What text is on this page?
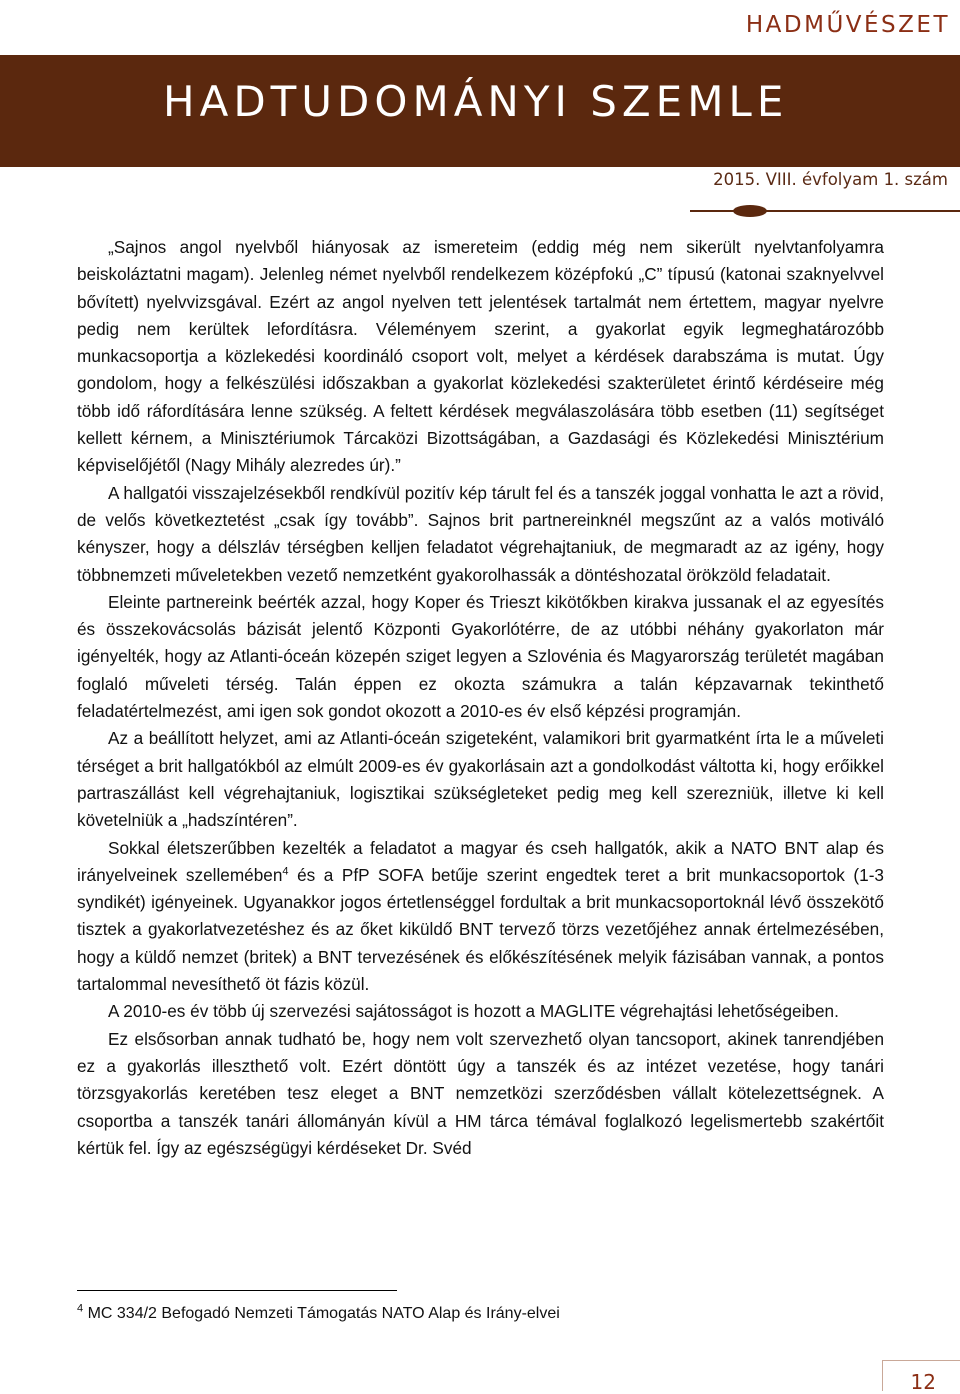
HADMŰVÉSZET
HADTUDOMÁNYI SZEMLE
2015. VIII. évfolyam 1. szám

„Sajnos angol nyelvből hiányosak az ismereteim (eddig még nem sikerült nyelvtanfolyamra beiskoláztatni magam). Jelenleg német nyelvből rendelkezem középfokú „C” típusú (katonai szaknyelvvel bővített) nyelvvizsgával. Ezért az angol nyelven tett jelentések tartalmát nem értettem, magyar nyelvre pedig nem kerültek lefordításra. Véleményem szerint, a gyakorlat egyik legmeghatározóbb munkacsoportja a közlekedési koordináló csoport volt, melyet a kérdések darabszáma is mutat. Úgy gondolom, hogy a felkészülési időszakban a gyakorlat közlekedési szakterületet érintő kérdéseire még több idő ráfordítására lenne szükség. A feltett kérdések megválaszolására több esetben (11) segítséget kellett kérnem, a Minisztériumok Tárcaközi Bizottságában, a Gazdasági és Közlekedési Minisztérium képviselőjétől (Nagy Mihály alezredes úr).”

A hallgatói visszajelzésekből rendkívül pozitív kép tárult fel és a tanszék joggal vonhatta le azt a rövid, de velős következtetést „csak így tovább”. Sajnos brit partnereinknél megszűnt az a valós motiváló kényszer, hogy a délszláv térségben kelljen feladatot végrehajtaniuk, de megmaradt az az igény, hogy többnemzeti műveletekben vezető nemzetként gyakorolhassák a döntéshozatal örökzöld feladatait.

Eleinte partnereink beérték azzal, hogy Koper és Trieszt kikötőkben kirakva jussanak el az egyesítés és összekovácsolás bázisát jelentő Központi Gyakorlótérre, de az utóbbi néhány gyakorlaton már igényelték, hogy az Atlanti-óceán közepén sziget legyen a Szlovénia és Magyarország területét magában foglaló műveleti térség. Talán éppen ez okozta számukra a talán képzavarnak tekinthető feladatértelmezést, ami igen sok gondot okozott a 2010-es év első képzési programján.

Az a beállított helyzet, ami az Atlanti-óceán szigeteként, valamikori brit gyarmatként írta le a műveleti térséget a brit hallgatókból az elmúlt 2009-es év gyakorlásain azt a gondolkodást váltotta ki, hogy erőikkel partraszállást kell végrehajtaniuk, logisztikai szükségleteket pedig meg kell szerezniük, illetve ki kell követelniük a „hadszíntéren”.

Sokkal életszerűbben kezelték a feladatot a magyar és cseh hallgatók, akik a NATO BNT alap és irányelveinek szellemében$^4$ és a PfP SOFA betűje szerint engedtek teret a brit munkacsoportok (1-3 syndikét) igényeinek. Ugyanakkor jogos értetlenséggel fordultak a brit munkacsoportoknál lévő összekötő tisztek a gyakorlatvezetéshez és az őket kiküldő BNT tervező törzs vezetőjéhez annak értelmezésében, hogy a küldő nemzet (britek) a BNT tervezésének és előkészítésének melyik fázisában vannak, a pontos tartalommal nevesíthető öt fázis közül.

A 2010-es év több új szervezési sajátosságot is hozott a MAGLITE végrehajtási lehetőségeiben.

Ez elsősorban annak tudható be, hogy nem volt szervezhető olyan tancsoport, akinek tanrendjében ez a gyakorlás illeszthető volt. Ezért döntött úgy a tanszék és az intézet vezetése, hogy tanári törzsgyakorlás keretében tesz eleget a BNT nemzetközi szerződésben vállalt kötelezettségnek. A csoportba a tanszék tanári állományán kívül a HM tárca témával foglalkozó legelismertebb szakértőit kértük fel. Így az egészségügyi kérdéseket Dr. Svéd

$^4$ MC 334/2 Befogadó Nemzeti Támogatás NATO Alap és Irány-elvei
12
